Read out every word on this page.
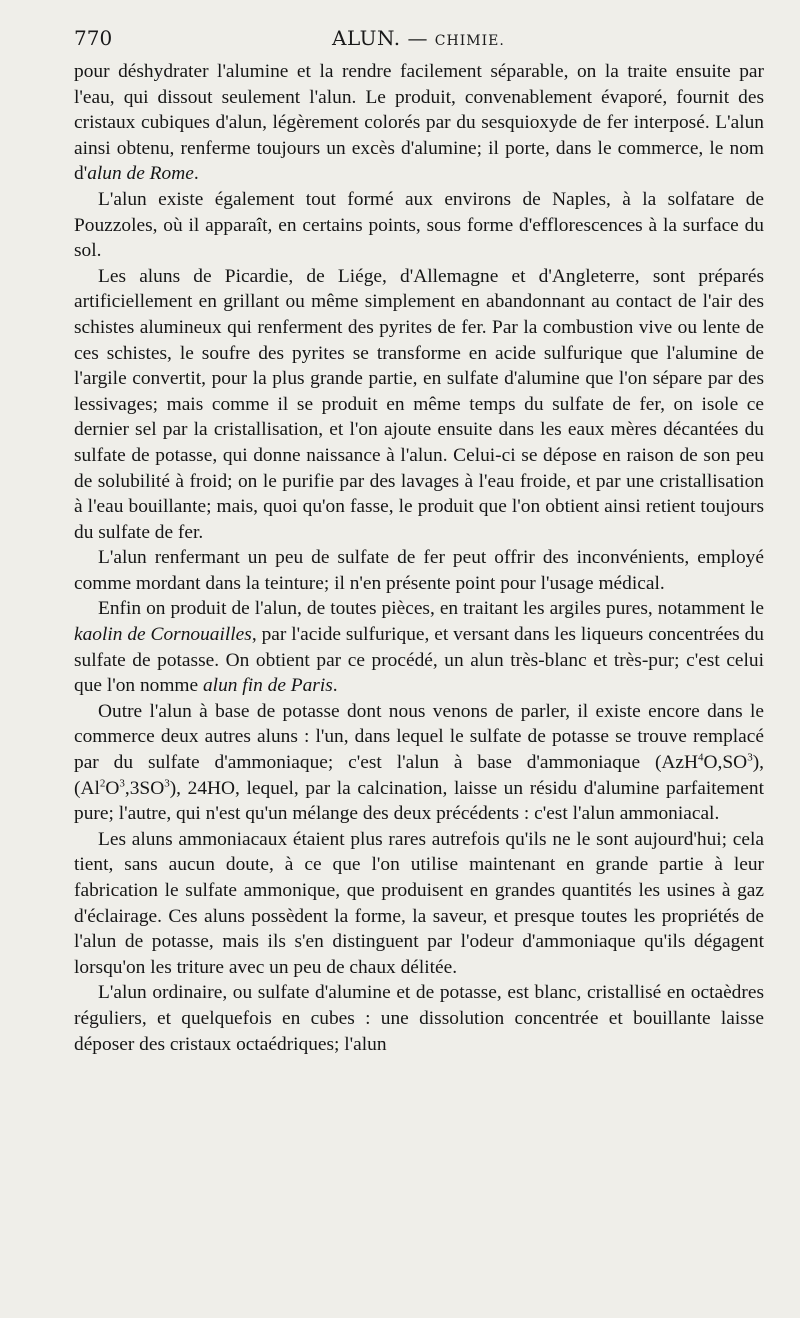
770	ALUN. — CHIMIE.

pour déshydrater l'alumine et la rendre facilement séparable, on la traite ensuite par l'eau, qui dissout seulement l'alun. Le produit, convenablement évaporé, fournit des cristaux cubiques d'alun, légèrement colorés par du sesquioxyde de fer interposé. L'alun ainsi obtenu, renferme toujours un excès d'alumine; il porte, dans le commerce, le nom d'alun de Rome.

L'alun existe également tout formé aux environs de Naples, à la solfatare de Pouzzoles, où il apparaît, en certains points, sous forme d'efflorescences à la surface du sol.

Les aluns de Picardie, de Liége, d'Allemagne et d'Angleterre, sont préparés artificiellement en grillant ou même simplement en abandonnant au contact de l'air des schistes alumineux qui renferment des pyrites de fer. Par la combustion vive ou lente de ces schistes, le soufre des pyrites se transforme en acide sulfurique que l'alumine de l'argile convertit, pour la plus grande partie, en sulfate d'alumine que l'on sépare par des lessivages; mais comme il se produit en même temps du sulfate de fer, on isole ce dernier sel par la cristallisation, et l'on ajoute ensuite dans les eaux mères décantées du sulfate de potasse, qui donne naissance à l'alun. Celui-ci se dépose en raison de son peu de solubilité à froid; on le purifie par des lavages à l'eau froide, et par une cristallisation à l'eau bouillante; mais, quoi qu'on fasse, le produit que l'on obtient ainsi retient toujours du sulfate de fer.

L'alun renfermant un peu de sulfate de fer peut offrir des inconvénients, employé comme mordant dans la teinture; il n'en présente point pour l'usage médical.

Enfin on produit de l'alun, de toutes pièces, en traitant les argiles pures, notamment le kaolin de Cornouailles, par l'acide sulfurique, et versant dans les liqueurs concentrées du sulfate de potasse. On obtient par ce procédé, un alun très-blanc et très-pur; c'est celui que l'on nomme alun fin de Paris.

Outre l'alun à base de potasse dont nous venons de parler, il existe encore dans le commerce deux autres aluns : l'un, dans lequel le sulfate de potasse se trouve remplacé par du sulfate d'ammoniaque; c'est l'alun à base d'ammoniaque $(AzH^4O,SO^3)$, $(Al^2O^3,3SO^3)$, 24HO, lequel, par la calcination, laisse un résidu d'alumine parfaitement pure; l'autre, qui n'est qu'un mélange des deux précédents : c'est l'alun ammoniacal.

Les aluns ammoniacaux étaient plus rares autrefois qu'ils ne le sont aujourd'hui; cela tient, sans aucun doute, à ce que l'on utilise maintenant en grande partie à leur fabrication le sulfate ammonique, que produisent en grandes quantités les usines à gaz d'éclairage. Ces aluns possèdent la forme, la saveur, et presque toutes les propriétés de l'alun de potasse, mais ils s'en distinguent par l'odeur d'ammoniaque qu'ils dégagent lorsqu'on les triture avec un peu de chaux délitée.

L'alun ordinaire, ou sulfate d'alumine et de potasse, est blanc, cristallisé en octaèdres réguliers, et quelquefois en cubes : une dissolution concentrée et bouillante laisse déposer des cristaux octaédriques; l'alun
